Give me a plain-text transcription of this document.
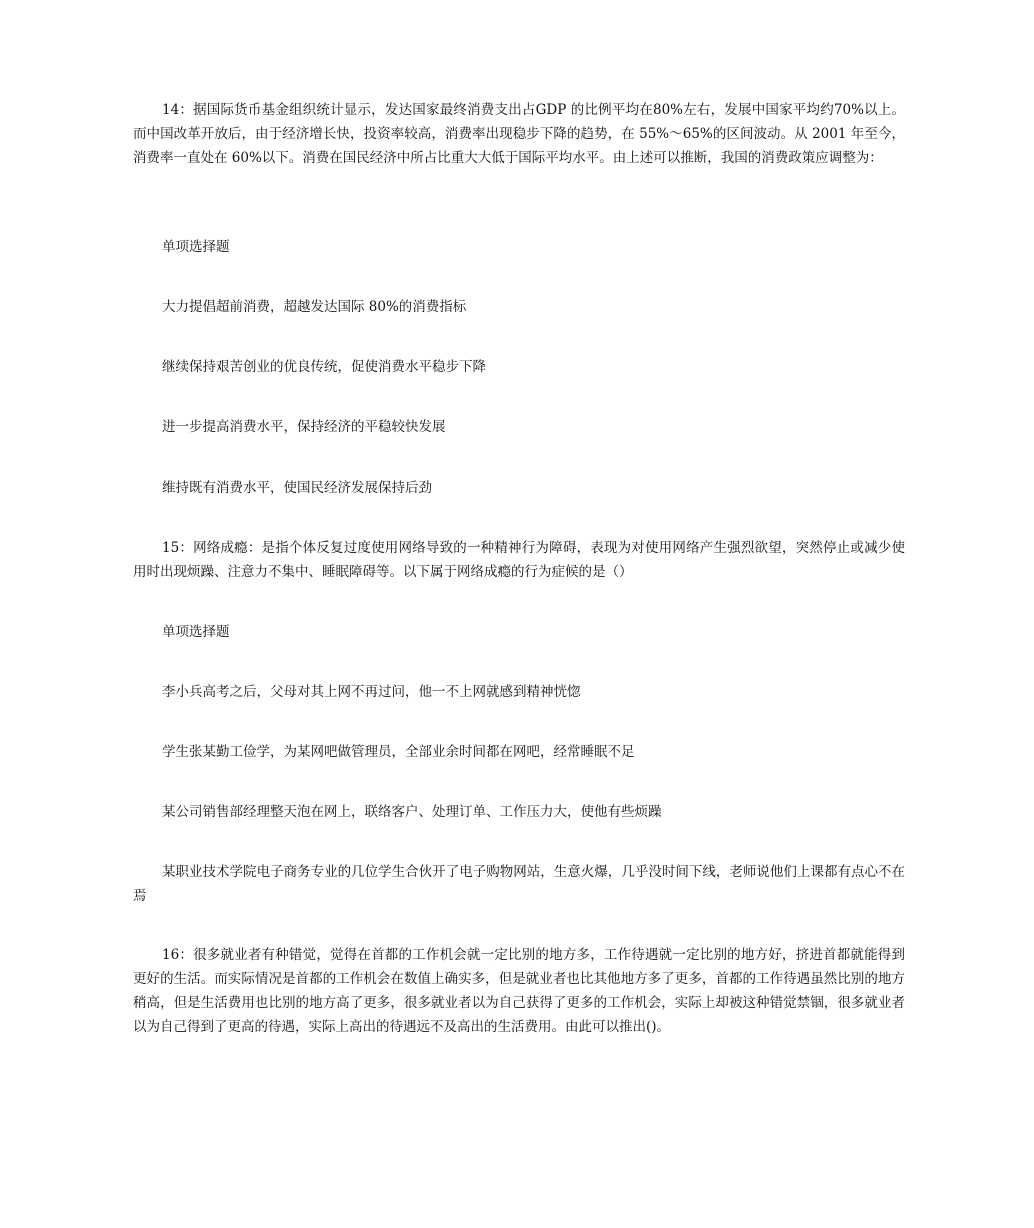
14：据国际货币基金组织统计显示，发达国家最终消费支出占GDP 的比例平均在80%左右，发展中国家平均约70%以上。而中国改革开放后，由于经济增长快，投资率较高，消费率出现稳步下降的趋势，在 55%～65%的区间波动。从 2001 年至今，消费率一直处在 60%以下。消费在国民经济中所占比重大大低于国际平均水平。由上述可以推断，我国的消费政策应调整为：

单项选择题
大力提倡超前消费，超越发达国际 80%的消费指标
继续保持艰苦创业的优良传统，促使消费水平稳步下降
进一步提高消费水平，保持经济的平稳较快发展
维持既有消费水平，使国民经济发展保持后劲

15：网络成瘾：是指个体反复过度使用网络导致的一种精神行为障碍，表现为对使用网络产生强烈欲望，突然停止或减少使用时出现烦躁、注意力不集中、睡眠障碍等。以下属于网络成瘾的行为症候的是（）

单项选择题
李小兵高考之后，父母对其上网不再过问，他一不上网就感到精神恍惚
学生张某勤工俭学，为某网吧做管理员，全部业余时间都在网吧，经常睡眠不足
某公司销售部经理整天泡在网上，联络客户、处理订单、工作压力大，使他有些烦躁

某职业技术学院电子商务专业的几位学生合伙开了电子购物网站，生意火爆，几乎没时间下线，老师说他们上课都有点心不在焉

16：很多就业者有种错觉，觉得在首都的工作机会就一定比别的地方多，工作待遇就一定比别的地方好，挤进首都就能得到更好的生活。而实际情况是首都的工作机会在数值上确实多，但是就业者也比其他地方多了更多，首都的工作待遇虽然比别的地方稍高，但是生活费用也比别的地方高了更多，很多就业者以为自己获得了更多的工作机会，实际上却被这种错觉禁锢，很多就业者以为自己得到了更高的待遇，实际上高出的待遇远不及高出的生活费用。由此可以推出()。
